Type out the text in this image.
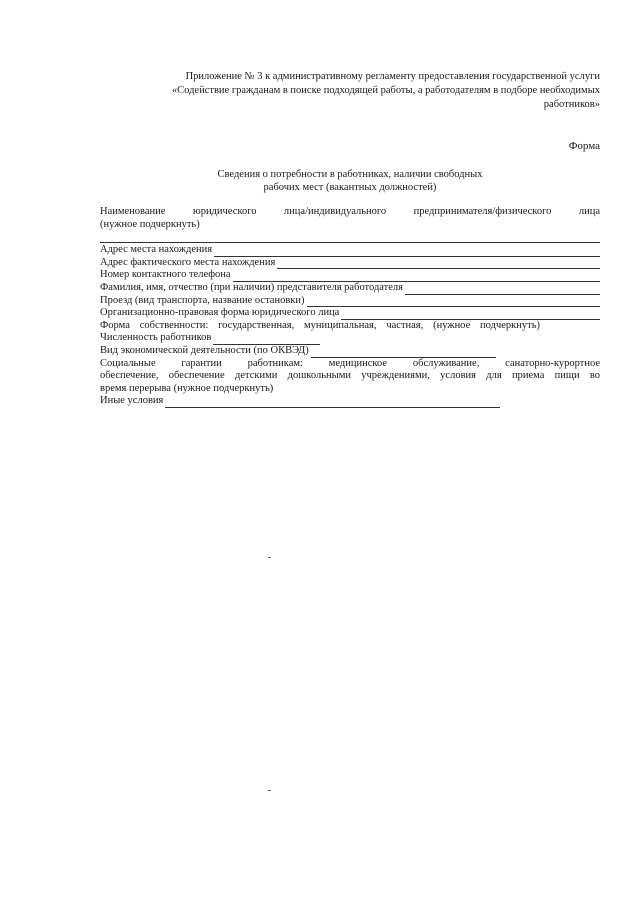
Приложение № 3 к административному регламенту предоставления государственной услуги
«Содействие гражданам в поиске подходящей работы, а работодателям в подборе необходимых
работников»
Форма
Сведения о потребности в работниках, наличии свободных
рабочих мест (вакантных должностей)
Наименование юридического лица/индивидуального предпринимателя/физического лица
(нужное подчеркнуть)
Адрес места нахождения
Адрес фактического места нахождения
Номер контактного телефона
Фамилия, имя, отчество (при наличии) представителя работодателя
Проезд (вид транспорта, название остановки)
Организационно-правовая форма юридического лица
Форма собственности: государственная, муниципальная, частная, (нужное подчеркнуть)
Численность работников
Вид экономической деятельности (по ОКВЭД)
Социальные гарантии работникам: медицинское обслуживание, санаторно-курортное
обеспечение, обеспечение детскими дошкольными учреждениями, условия для приема пищи во
время перерыва (нужное подчеркнуть)
Иные условия
